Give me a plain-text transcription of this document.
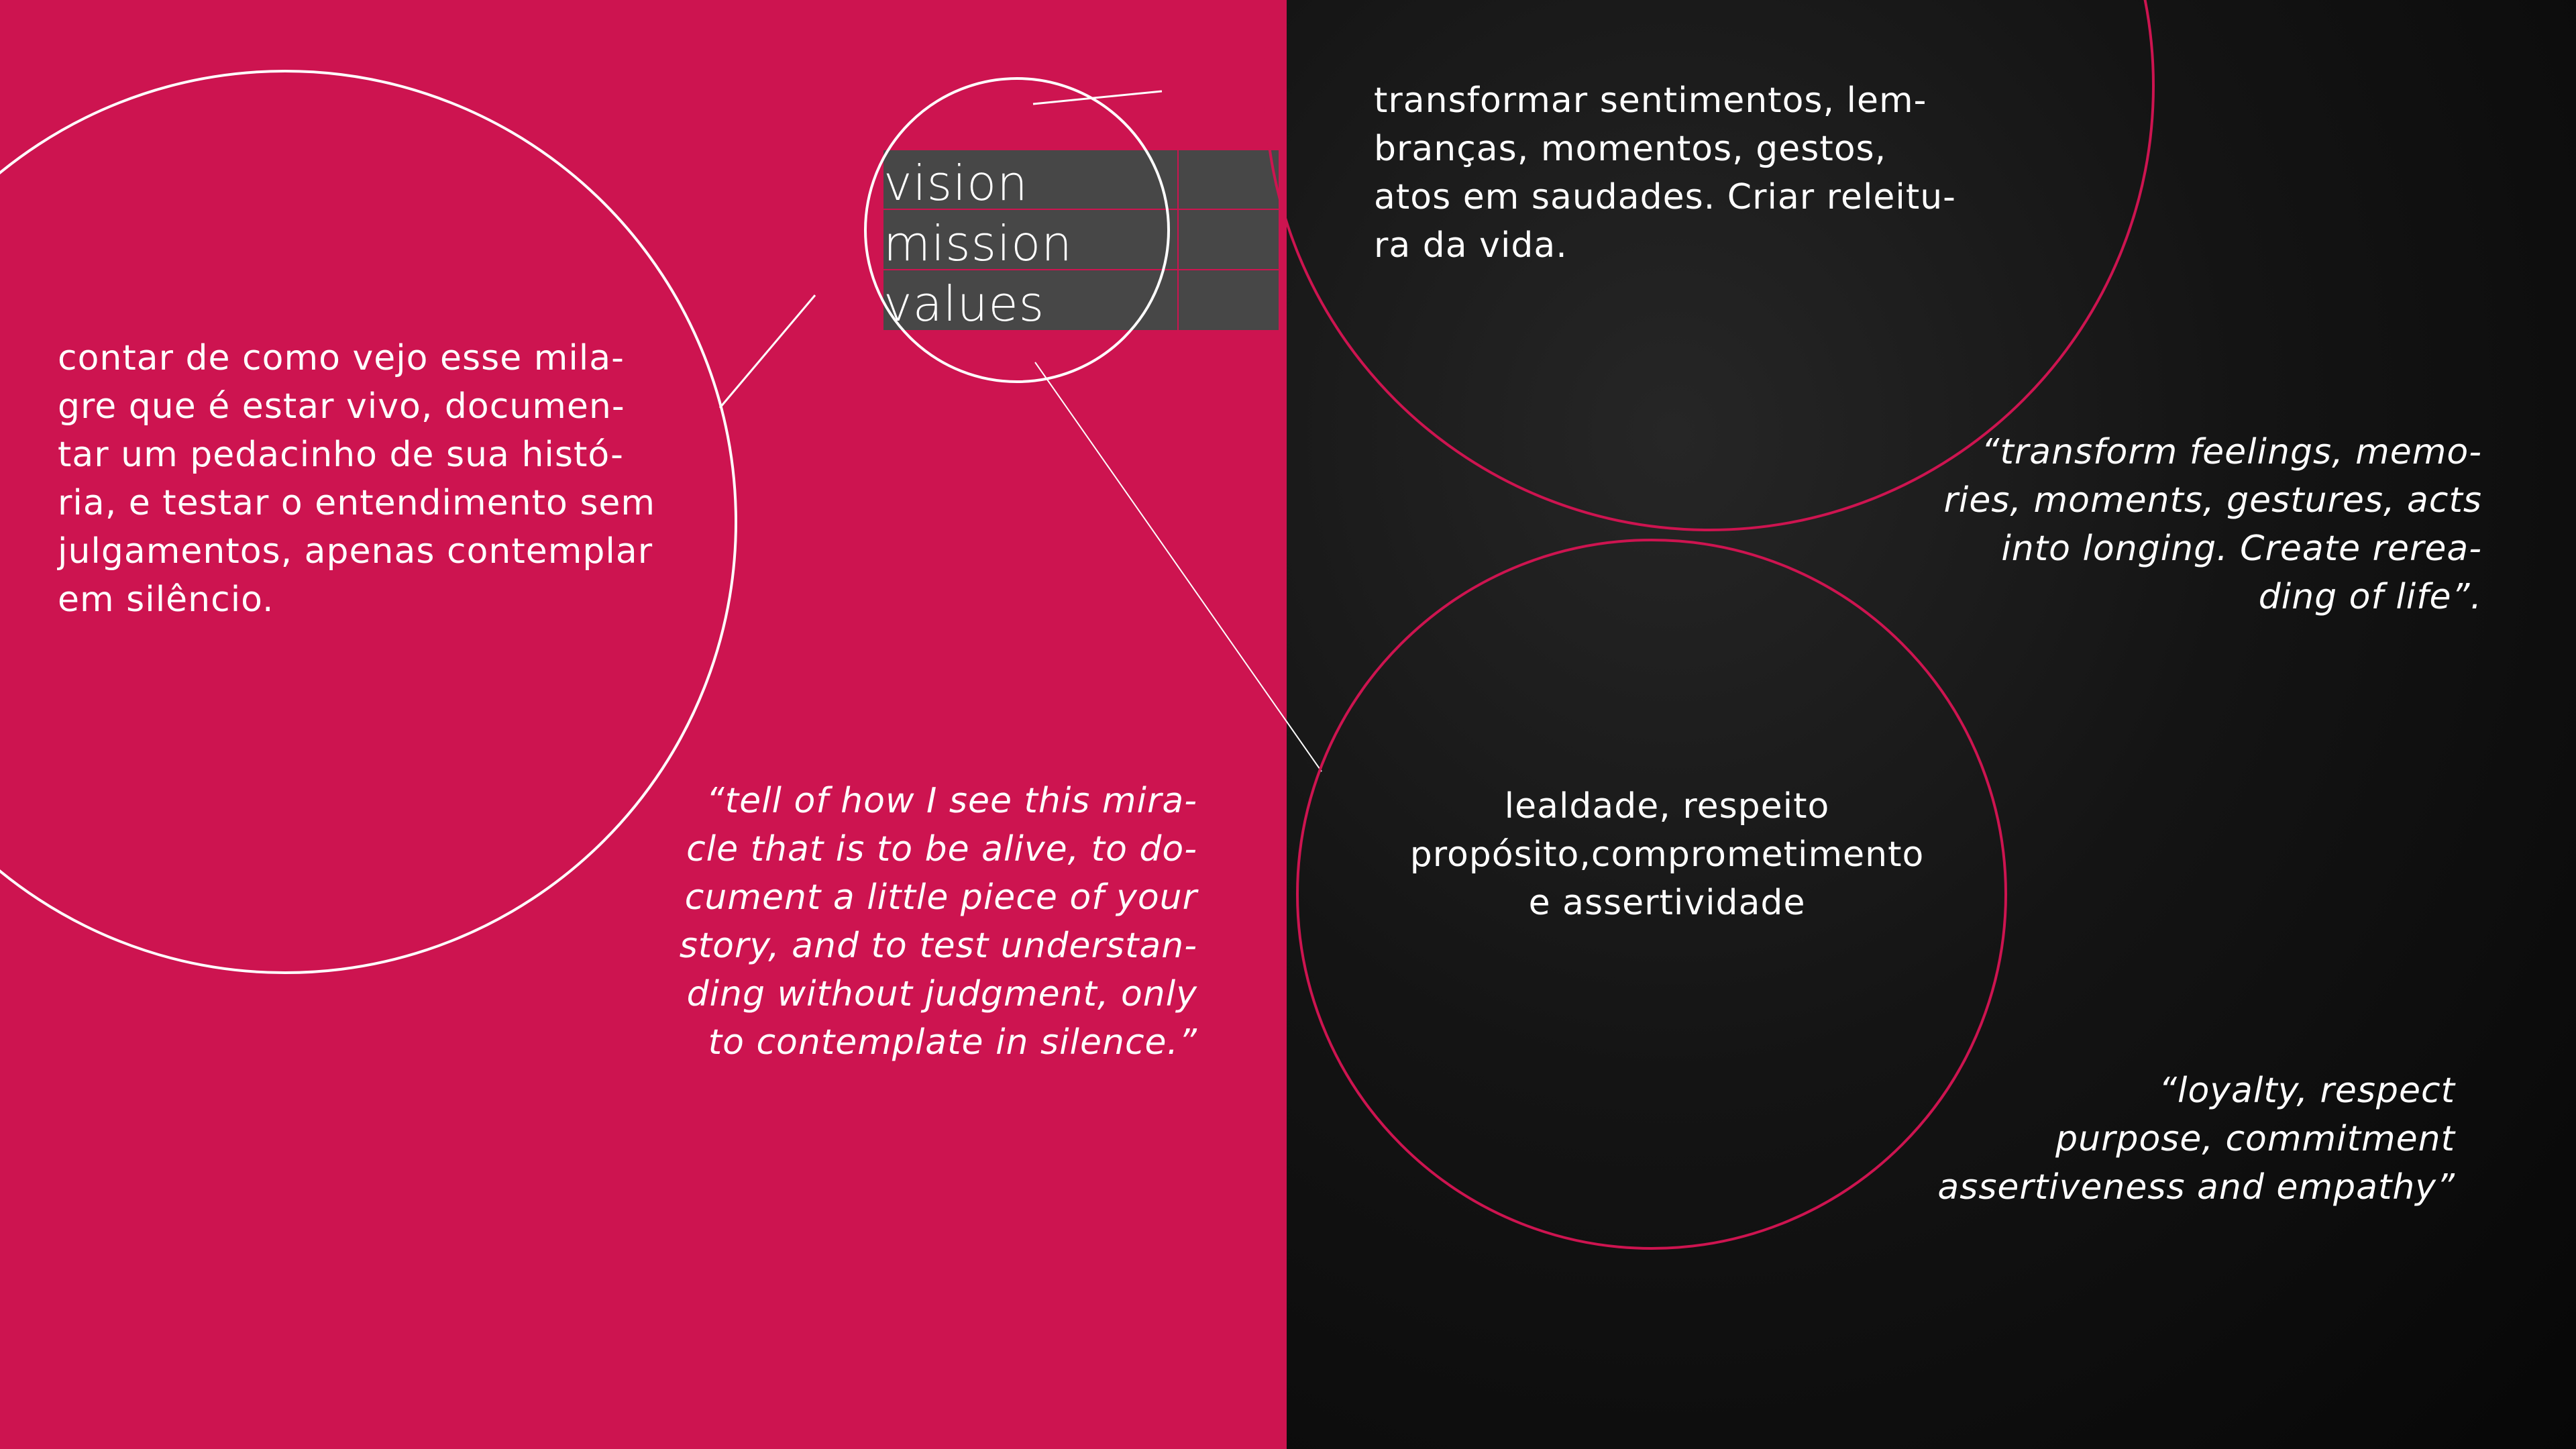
vision
mission
values
contar de como vejo esse mila-
gre que é estar vivo, documen-
tar um pedacinho de sua histó-
ria, e testar o entendimento sem
julgamentos, apenas contemplar
em silêncio.
“tell of how I see this mira-
cle that is to be alive, to do-
cument a little piece of your
story, and to test understan-
ding without judgment, only
to contemplate in silence.”
transformar sentimentos, lem-
branças, momentos, gestos,
atos em saudades. Criar releitu-
ra da vida.
“transform feelings, memo-
ries, moments, gestures, acts
into longing. Create rerea-
ding of life”.
lealdade, respeito
propósito,comprometimento
e assertividade
“loyalty, respect
purpose, commitment
assertiveness and empathy”
